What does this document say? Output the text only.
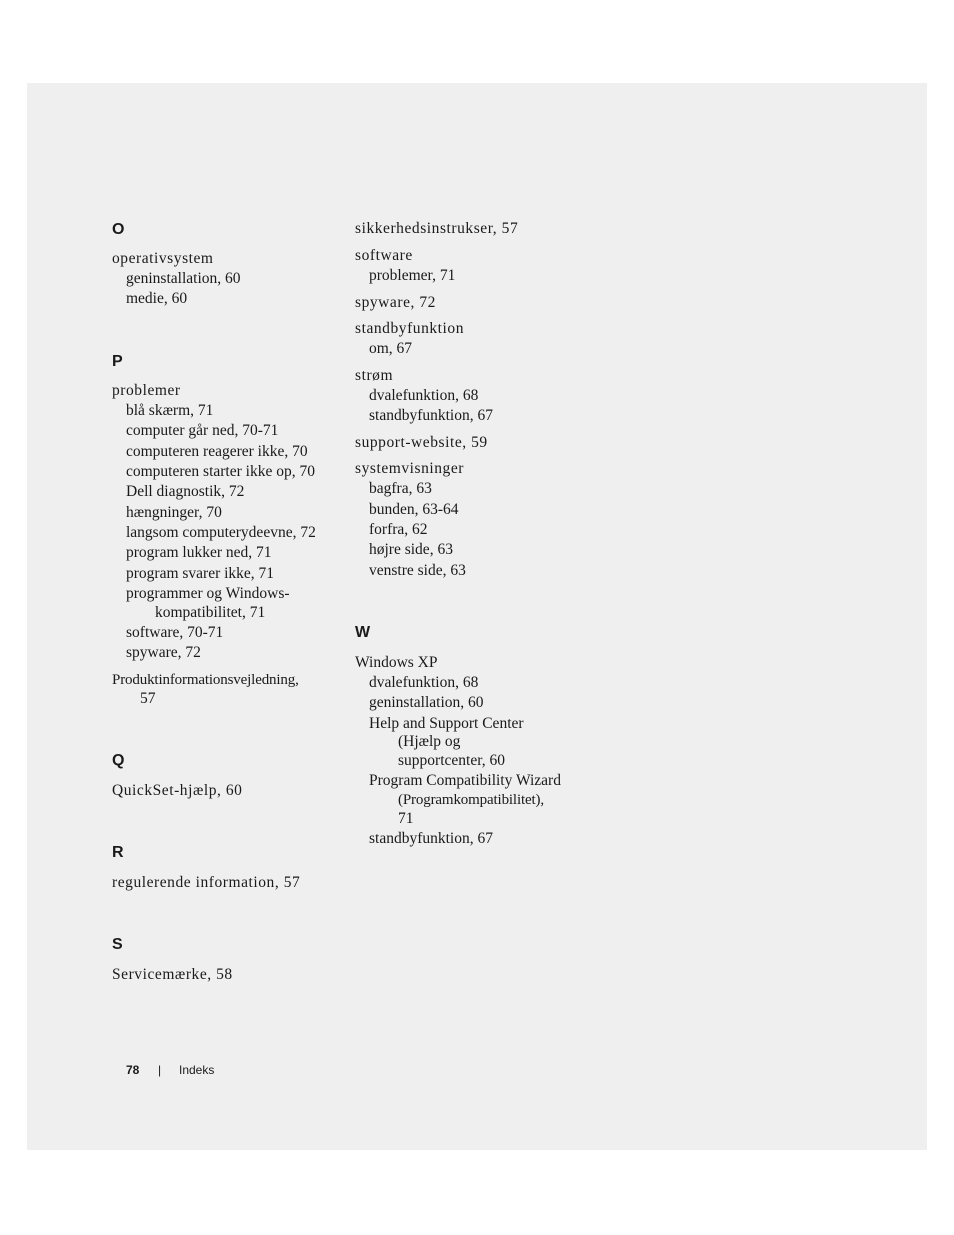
O
operativsystem
geninstallation, 60
medie, 60
P
problemer
blå skærm, 71
computer går ned, 70-71
computeren reagerer ikke, 70
computeren starter ikke op, 70
Dell diagnostik, 72
hængninger, 70
langsom computerydeevne, 72
program lukker ned, 71
program svarer ikke, 71
programmer og Windows-
kompatibilitet, 71
software, 70-71
spyware, 72
Produktinformationsvejledning,
57
Q
QuickSet-hjælp, 60
R
regulerende information, 57
S
Servicemærke, 58
sikkerhedsinstrukser, 57
software
problemer, 71
spyware, 72
standbyfunktion
om, 67
strøm
dvalefunktion, 68
standbyfunktion, 67
support-website, 59
systemvisninger
bagfra, 63
bunden, 63-64
forfra, 62
højre side, 63
venstre side, 63
W
Windows XP
dvalefunktion, 68
geninstallation, 60
Help and Support Center
(Hjælp og
supportcenter, 60
Program Compatibility Wizard
(Programkompatibilitet),
71
standbyfunktion, 67
78 | Indeks
